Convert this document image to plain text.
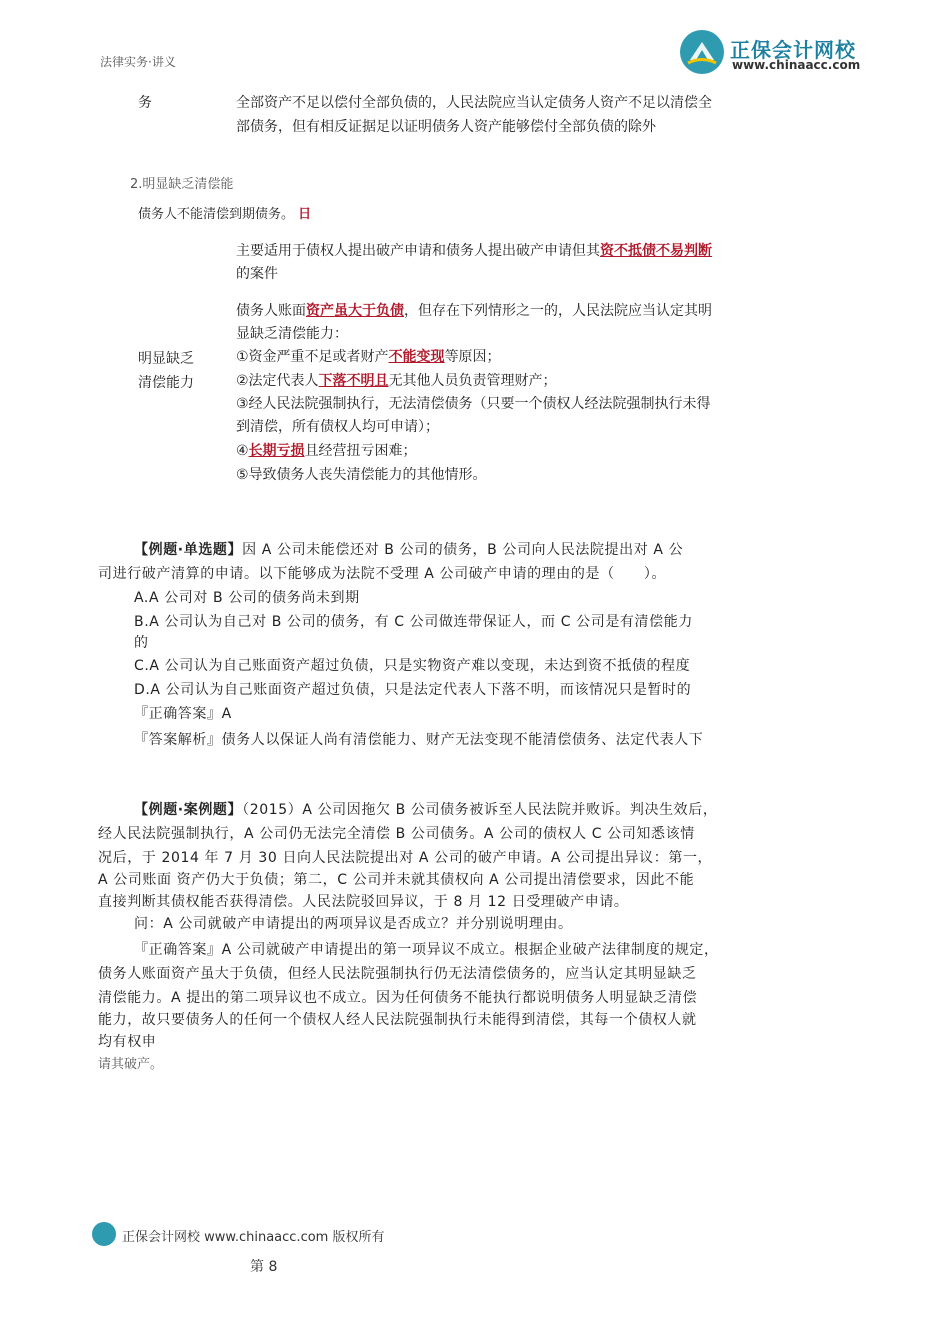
正保会计网校
www.chinaacc.com
法律实务·讲义
务	全部资产不足以偿付全部负债的，人民法院应当认定债务人资产不足以清偿全
部债务，但有相反证据足以证明债务人资产能够偿付全部负债的除外
2.明显缺乏清偿能
债务人不能清偿到期债务。 日
主要适用于债权人提出破产申请和债务人提出破产申请但其资不抵债不易判断
的案件
明显缺乏
清偿能力
债务人账面资产虽大于负债，但存在下列情形之一的，人民法院应当认定其明
显缺乏清偿能力：
①资金严重不足或者财产不能变现等原因；
②法定代表人下落不明且无其他人员负责管理财产；
③经人民法院强制执行，无法清偿债务（只要一个债权人经法院强制执行未得
到清偿，所有债权人均可申请）；
④长期亏损且经营扭亏困难；
⑤导致债务人丧失清偿能力的其他情形。
【例题·单选题】因 A 公司未能偿还对 B 公司的债务，B 公司向人民法院提出对 A 公
司进行破产清算的申请。以下能够成为法院不受理 A 公司破产申请的理由的是（　　）。
A.A 公司对 B 公司的债务尚未到期
B.A 公司认为自己对 B 公司的债务，有 C 公司做连带保证人，而 C 公司是有清偿能力
的
C.A 公司认为自己账面资产超过负债，只是实物资产难以变现，未达到资不抵债的程度
D.A 公司认为自己账面资产超过负债，只是法定代表人下落不明，而该情况只是暂时的
『正确答案』A
『答案解析』债务人以保证人尚有清偿能力、财产无法变现不能清偿债务、法定代表人下
【例题·案例题】（2015）A 公司因拖欠 B 公司债务被诉至人民法院并败诉。判决生效后，
经人民法院强制执行，A 公司仍无法完全清偿 B 公司债务。A 公司的债权人 C 公司知悉该情
况后，于 2014 年 7 月 30 日向人民法院提出对 A 公司的破产申请。A 公司提出异议：第一，
A 公司账面 资产仍大于负债；第二，C 公司并未就其债权向 A 公司提出清偿要求，因此不能
直接判断其债权能否获得清偿。人民法院驳回异议，于 8 月 12 日受理破产申请。
问：A 公司就破产申请提出的两项异议是否成立？并分别说明理由。
『正确答案』A 公司就破产申请提出的第一项异议不成立。根据企业破产法律制度的规定，
债务人账面资产虽大于负债，但经人民法院强制执行仍无法清偿债务的，应当认定其明显缺乏
清偿能力。A 提出的第二项异议也不成立。因为任何债务不能执行都说明债务人明显缺乏清偿
能力，故只要债务人的任何一个债权人经人民法院强制执行未能得到清偿，其每一个债权人就
均有权申
请其破产。
正保会计网校 www.chinaacc.com 版权所有
第 8
